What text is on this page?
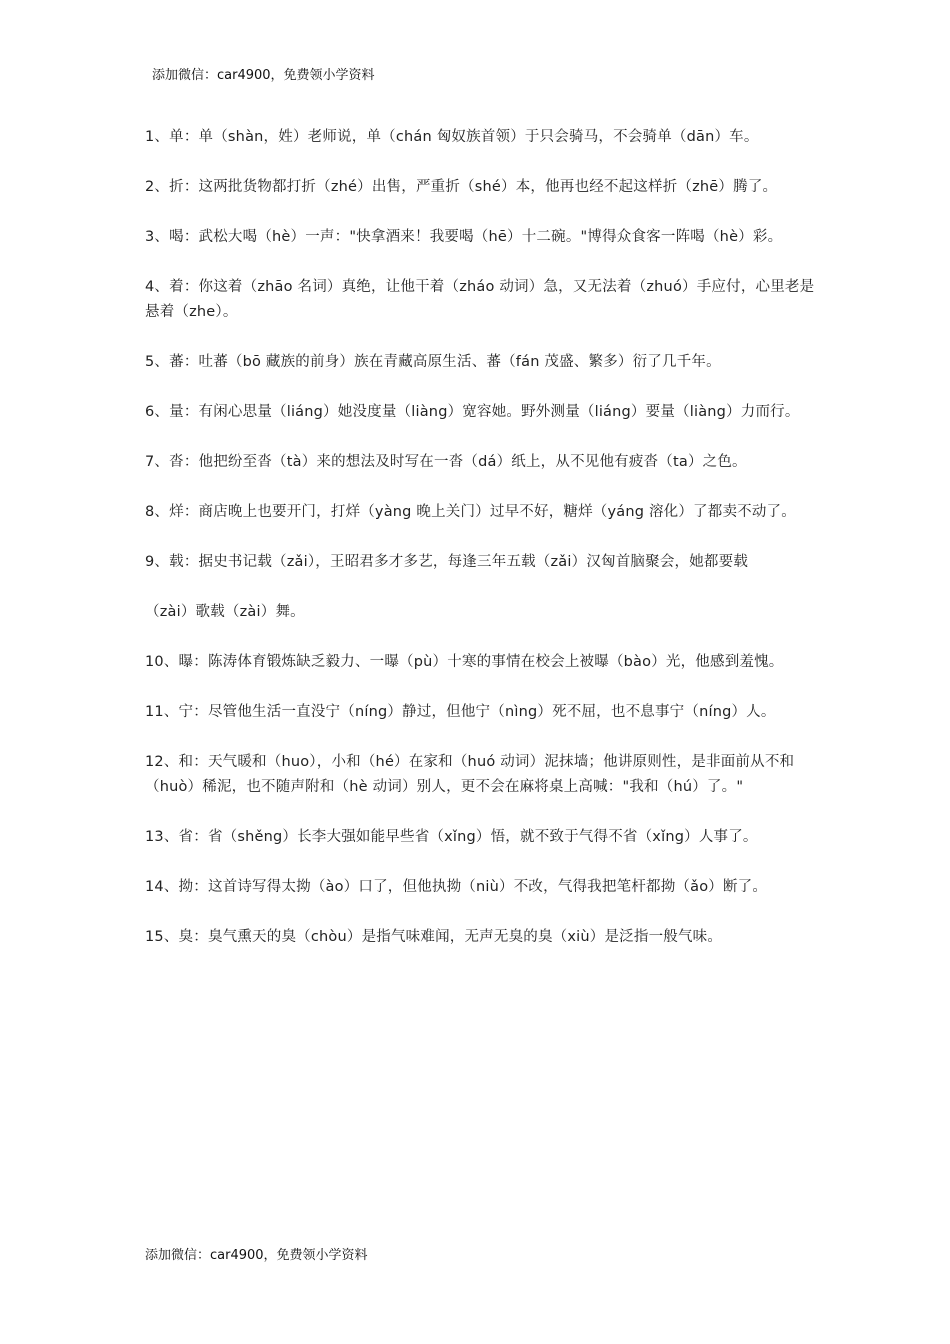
添加微信：car4900，免费领小学资料

1、单：单（shàn，姓）老师说，单（chán 匈奴族首领）于只会骑马，不会骑单（dān）车。

2、折：这两批货物都打折（zhé）出售，严重折（shé）本，他再也经不起这样折（zhē）腾了。

3、喝：武松大喝（hè）一声："快拿酒来！我要喝（hē）十二碗。"博得众食客一阵喝（hè）彩。

4、着：你这着（zhāo 名词）真绝，让他干着（zháo 动词）急，又无法着（zhuó）手应付，心里老是悬着（zhe）。

5、蕃：吐蕃（bō 藏族的前身）族在青藏高原生活、蕃（fán 茂盛、繁多）衍了几千年。

6、量：有闲心思量（liáng）她没度量（liàng）宽容她。野外测量（liáng）要量（liàng）力而行。

7、沓：他把纷至沓（tà）来的想法及时写在一沓（dá）纸上，从不见他有疲沓（ta）之色。

8、烊：商店晚上也要开门，打烊（yàng 晚上关门）过早不好，糖烊（yáng 溶化）了都卖不动了。

9、载：据史书记载（zǎi），王昭君多才多艺，每逢三年五载（zǎi）汉匈首脑聚会，她都要载

（zài）歌载（zài）舞。

10、曝：陈涛体育锻炼缺乏毅力、一曝（pù）十寒的事情在校会上被曝（bào）光，他感到羞愧。

11、宁：尽管他生活一直没宁（níng）静过，但他宁（nìng）死不屈，也不息事宁（níng）人。

12、和：天气暖和（huo），小和（hé）在家和（huó 动词）泥抹墙；他讲原则性，是非面前从不和（huò）稀泥，也不随声附和（hè 动词）别人，更不会在麻将桌上高喊："我和（hú）了。"

13、省：省（shěng）长李大强如能早些省（xǐng）悟，就不致于气得不省（xǐng）人事了。

14、拗：这首诗写得太拗（ào）口了，但他执拗（niù）不改，气得我把笔杆都拗（ǎo）断了。

15、臭：臭气熏天的臭（chòu）是指气味难闻，无声无臭的臭（xiù）是泛指一般气味。

添加微信：car4900，免费领小学资料
